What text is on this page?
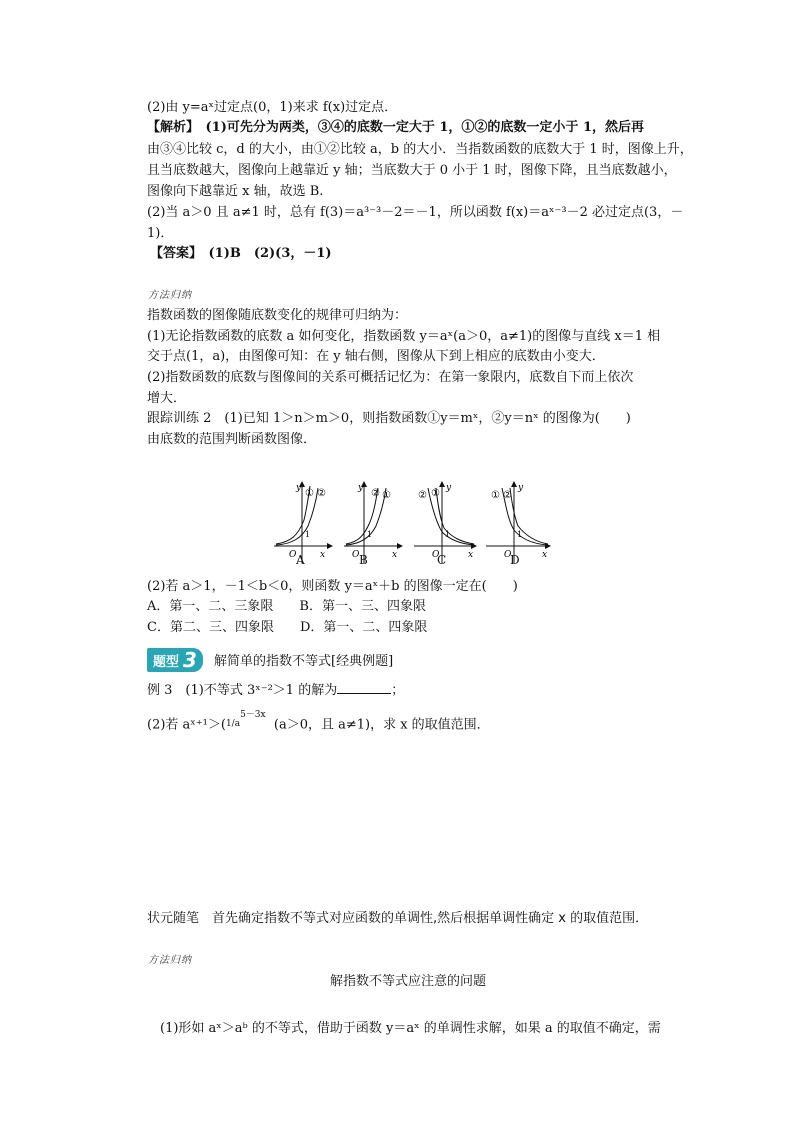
(2)由 y=aˣ过定点(0，1)来求 f(x)过定点．
【解析】　(1)可先分为两类，③④的底数一定大于 1，①②的底数一定小于 1，然后再
由③④比较 c，d 的大小，由①②比较 a，b 的大小．当指数函数的底数大于 1 时，图像上升，
且当底数越大，图像向上越靠近 y 轴；当底数大于 0 小于 1 时，图像下降，且当底数越小，
图像向下越靠近 x 轴，故选 B.
(2)当 a＞0 且 a≠1 时，总有 f(3)＝a³⁻³－2＝－1，所以函数 f(x)＝aˣ⁻³－2 必过定点(3，－
1)．
【答案】　(1)B　(2)(3，－1)
方法归纳
指数函数的图像随底数变化的规律可归纳为：
(1)无论指数函数的底数 a 如何变化，指数函数 y＝aˣ(a＞0，a≠1)的图像与直线 x＝1 相
交于点(1，a)，由图像可知：在 y 轴右侧，图像从下到上相应的底数由小变大．
(2)指数函数的底数与图像间的关系可概括记忆为：在第一象限内，底数自下而上依次
增大．
跟踪训练 2　(1)已知 1＞n＞m＞0，则指数函数①y＝mˣ，②y＝nˣ 的图像为(　　)
由底数的范围判断函数图像．
y ① ②
O	x
1
y ② ①
O	x
1
y
② ①
O	x
1
y
① ②
O	x
1
A	B	C	D
(2)若 a＞1，－1＜b＜0，则函数 y＝aˣ＋b 的图像一定在(　　)
A．第一、二、三象限　　B．第一、三、四象限
C．第二、三、四象限　　D．第一、二、四象限
题型 3 解简单的指数不等式[经典例题]
例 3　(1)不等式 3ˣ⁻²＞1 的解为	；
(2)若 $aˣ^{+1}>(1/a^{5-3x}$  (a＞0，且 a≠1)，求 x 的取值范围．
状元随笔　首先确定指数不等式对应函数的单调性,然后根据单调性确定 x 的取值范围．
方法归纳
解指数不等式应注意的问题
(1)形如 aˣ＞aᵇ 的不等式，借助于函数 y＝aˣ 的单调性求解，如果 a 的取值不确定，需
